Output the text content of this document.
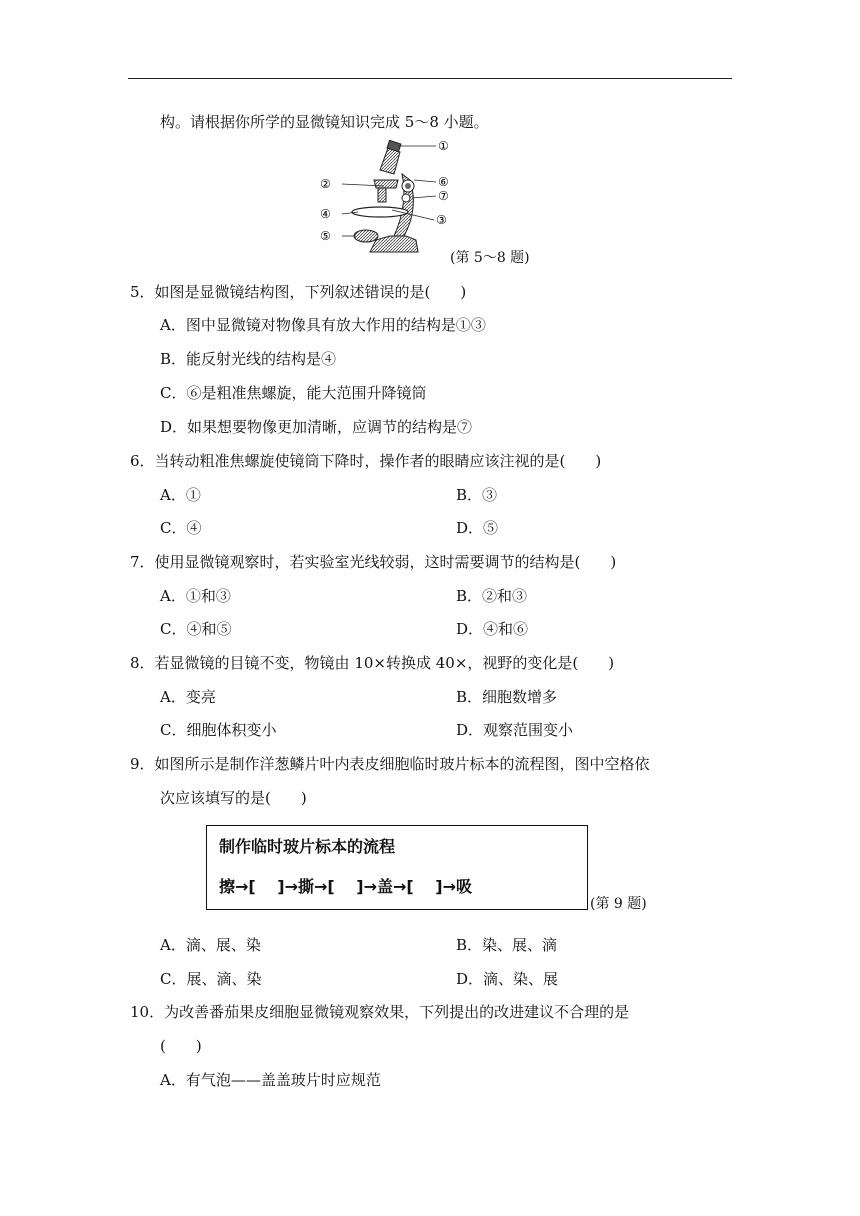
构。请根据你所学的显微镜知识完成 5～8 小题。
①
②
③
④
⑤
⑥
⑦
(第 5～8 题)
5．如图是显微镜结构图，下列叙述错误的是(　　)
A．图中显微镜对物像具有放大作用的结构是①③
B．能反射光线的结构是④
C．⑥是粗准焦螺旋，能大范围升降镜筒
D．如果想要物像更加清晰，应调节的结构是⑦
6．当转动粗准焦螺旋使镜筒下降时，操作者的眼睛应该注视的是(　　)
A．①	B．③
C．④	D．⑤
7．使用显微镜观察时，若实验室光线较弱，这时需要调节的结构是(　　)
A．①和③	B．②和③
C．④和⑤	D．④和⑥
8．若显微镜的目镜不变，物镜由 10×转换成 40×，视野的变化是(　　)
A．变亮	B．细胞数增多
C．细胞体积变小	D．观察范围变小
9．如图所示是制作洋葱鳞片叶内表皮细胞临时玻片标本的流程图，图中空格依
次应该填写的是(　　)
制作临时玻片标本的流程
擦→[　 ]→撕→[　 ]→盖→[　 ]→吸
(第 9 题)
A．滴、展、染	B．染、展、滴
C．展、滴、染	D．滴、染、展
10．为改善番茄果皮细胞显微镜观察效果，下列提出的改进建议不合理的是
(　　)
A．有气泡——盖盖玻片时应规范
